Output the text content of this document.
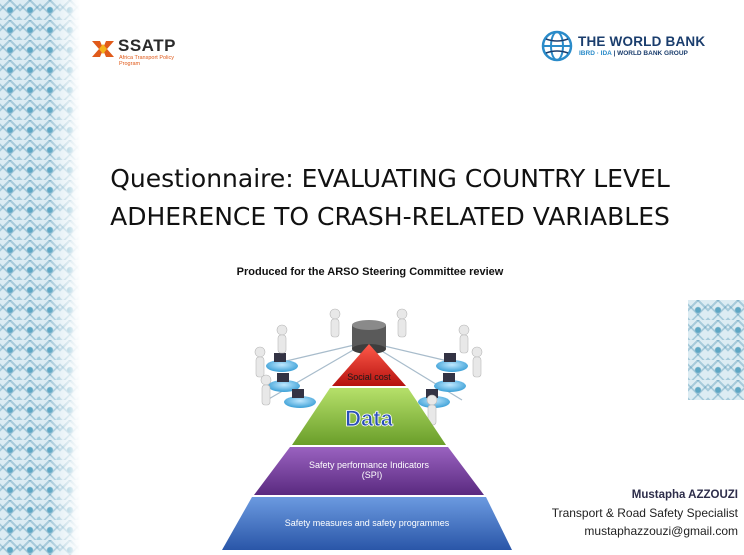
SSATP
Africa Transport Policy Program
THE WORLD BANK
IBRD · IDA | WORLD BANK GROUP
Questionnaire: EVALUATING COUNTRY LEVEL
ADHERENCE TO CRASH-RELATED VARIABLES
Produced for the ARSO Steering Committee review
Social cost
Data
Safety performance Indicators
(SPI)
Safety measures and safety programmes
Mustapha AZZOUZI
Transport & Road Safety Specialist
mustaphazzouzi@gmail.com
